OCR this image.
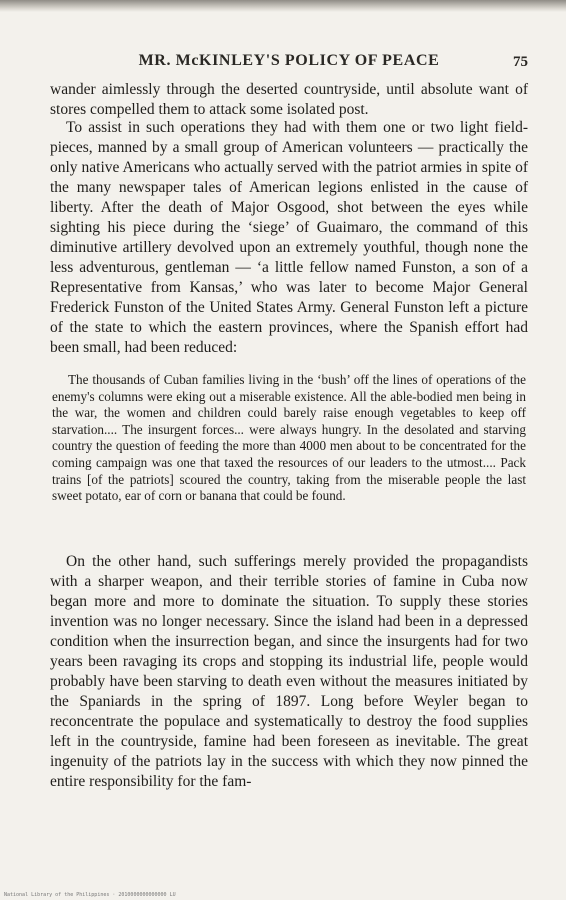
MR. McKINLEY'S POLICY OF PEACE	75

wander aimlessly through the deserted countryside, until absolute want of stores compelled them to attack some isolated post.

To assist in such operations they had with them one or two light field-pieces, manned by a small group of American volunteers — practically the only native Americans who actually served with the patriot armies in spite of the many newspaper tales of American legions enlisted in the cause of liberty. After the death of Major Osgood, shot between the eyes while sighting his piece during the ‘siege’ of Guaimaro, the command of this diminutive artillery devolved upon an extremely youthful, though none the less adventurous, gentleman — ‘a little fellow named Funston, a son of a Representative from Kansas,’ who was later to become Major General Frederick Funston of the United States Army. General Funston left a picture of the state to which the eastern provinces, where the Spanish effort had been small, had been reduced:

The thousands of Cuban families living in the ‘bush’ off the lines of operations of the enemy's columns were eking out a miserable existence. All the able-bodied men being in the war, the women and children could barely raise enough vegetables to keep off starvation.... The insurgent forces... were always hungry. In the desolated and starving country the question of feeding the more than 4000 men about to be concentrated for the coming campaign was one that taxed the resources of our leaders to the utmost.... Pack trains [of the patriots] scoured the country, taking from the miserable people the last sweet potato, ear of corn or banana that could be found.

On the other hand, such sufferings merely provided the propagandists with a sharper weapon, and their terrible stories of famine in Cuba now began more and more to dominate the situation. To supply these stories invention was no longer necessary. Since the island had been in a depressed condition when the insurrection began, and since the insurgents had for two years been ravaging its crops and stopping its industrial life, people would probably have been starving to death even without the measures initiated by the Spaniards in the spring of 1897. Long before Weyler began to reconcentrate the populace and systematically to destroy the food supplies left in the countryside, famine had been foreseen as inevitable. The great ingenuity of the patriots lay in the success with which they now pinned the entire responsibility for the fam-

National Library of the Philippines · 2010000000000000 LU
